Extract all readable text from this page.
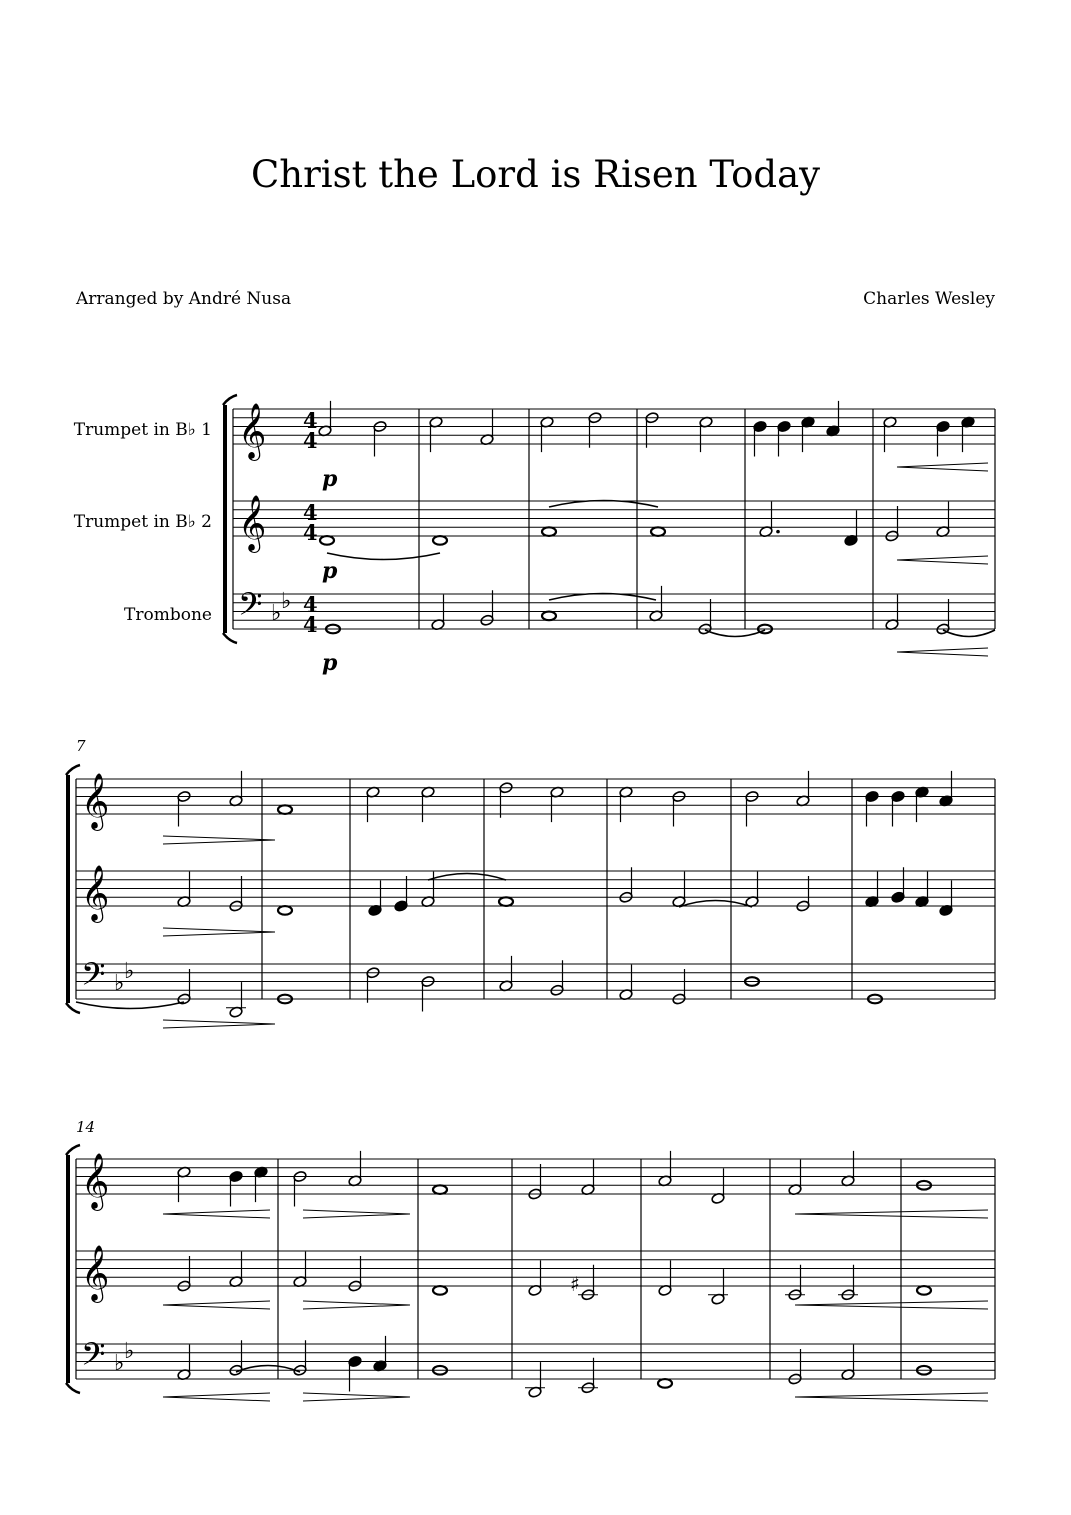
Christ the Lord is Risen Today
Arranged by André Nusa	Charles Wesley
Trumpet in B♭ 1
Trumpet in B♭ 2
Trombone
7
14
p
p
p
4
4
4
4
4
4
𝄞
𝄞
𝄢 ♭ ♭
𝄞
𝄞
𝄢 ♭ ♭
𝄞
𝄞
𝄢 ♭ ♭
♯
